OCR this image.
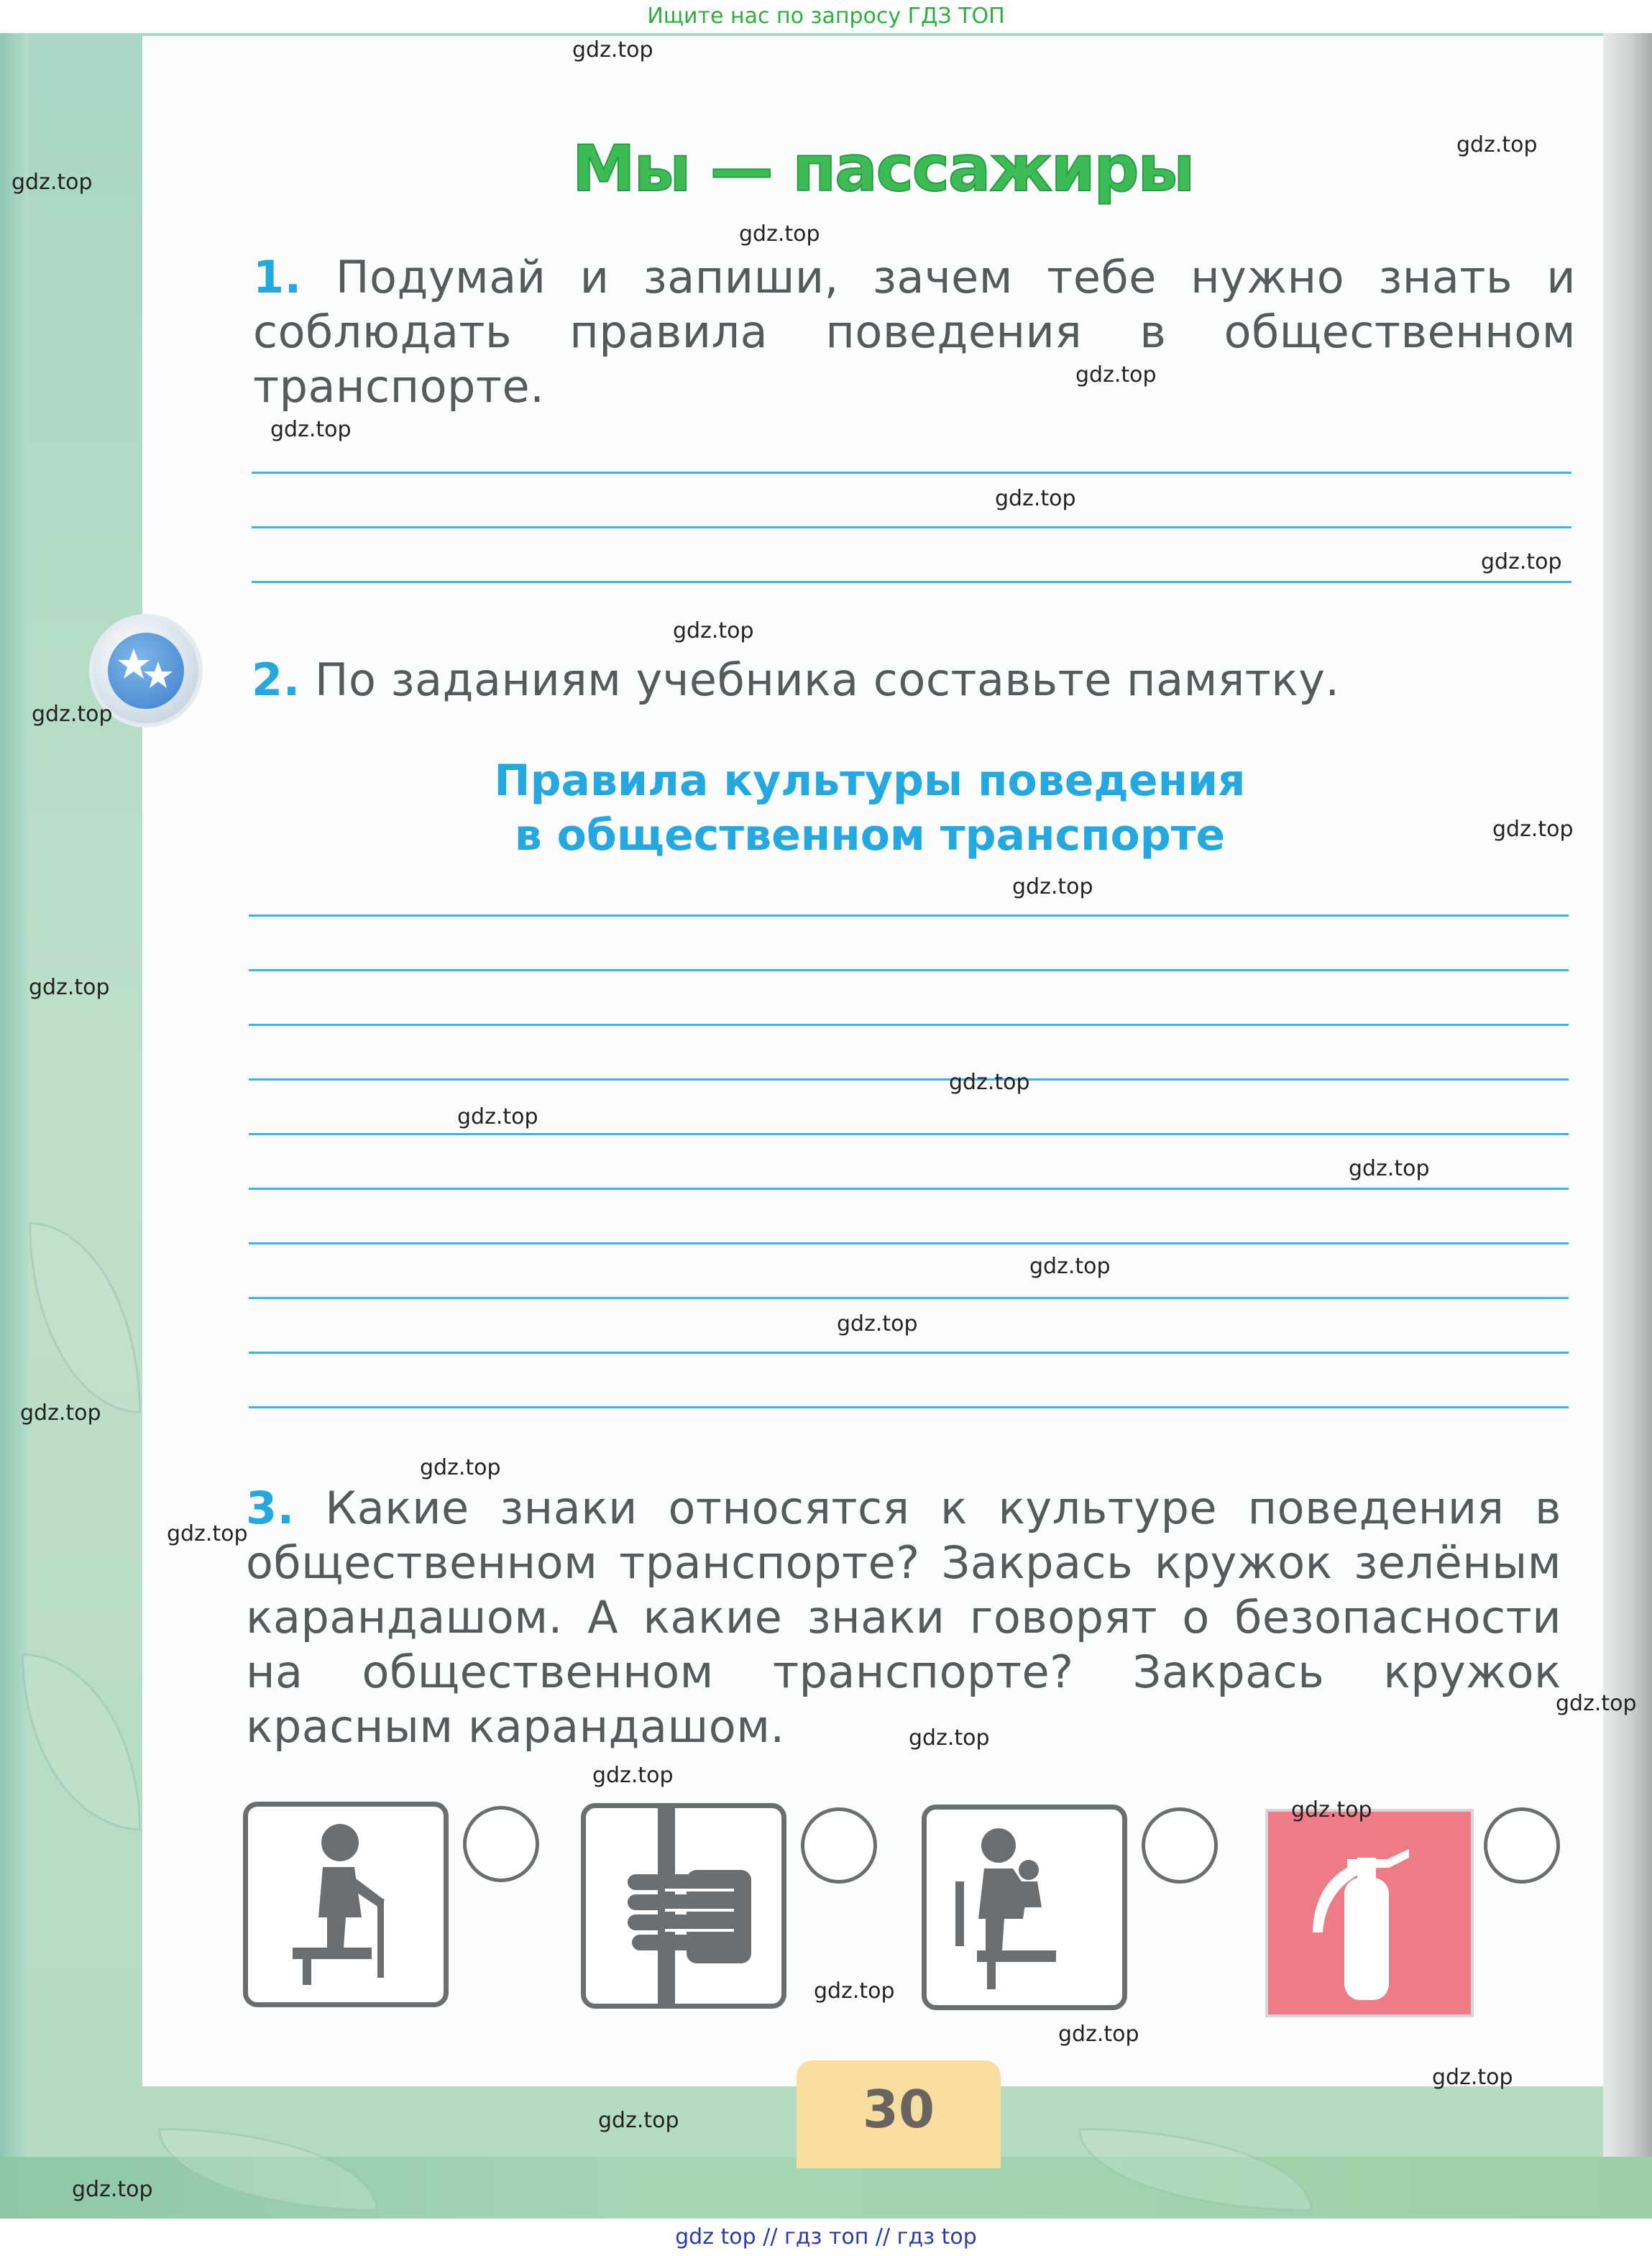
Ищите нас по запросу ГДЗ ТОП
Мы — пассажиры
1. Подумай и запиши, зачем тебе нужно знать и соблюдать правила поведения в общественном транспорте.
2. По заданиям учебника составьте памятку.
Правила культуры поведения
в общественном транспорте
3. Какие знаки относятся к культуре поведения в общественном транспорте? Закрась кружок зелёным карандашом. А какие знаки говорят о безопасности на общественном транспорте? Закрась кружок красным карандашом.
30
gdz.top
gdz.top
gdz.top
gdz.top
gdz.top
gdz.top
gdz.top
gdz.top
gdz.top
gdz.top
gdz.top
gdz.top
gdz.top
gdz.top
gdz.top
gdz.top
gdz.top
gdz.top
gdz.top
gdz.top
gdz.top
gdz.top
gdz.top
gdz.top
gdz.top
gdz.top
gdz.top
gdz.top
gdz.top
gdz.top
gdz top // гдз топ // гдз top
